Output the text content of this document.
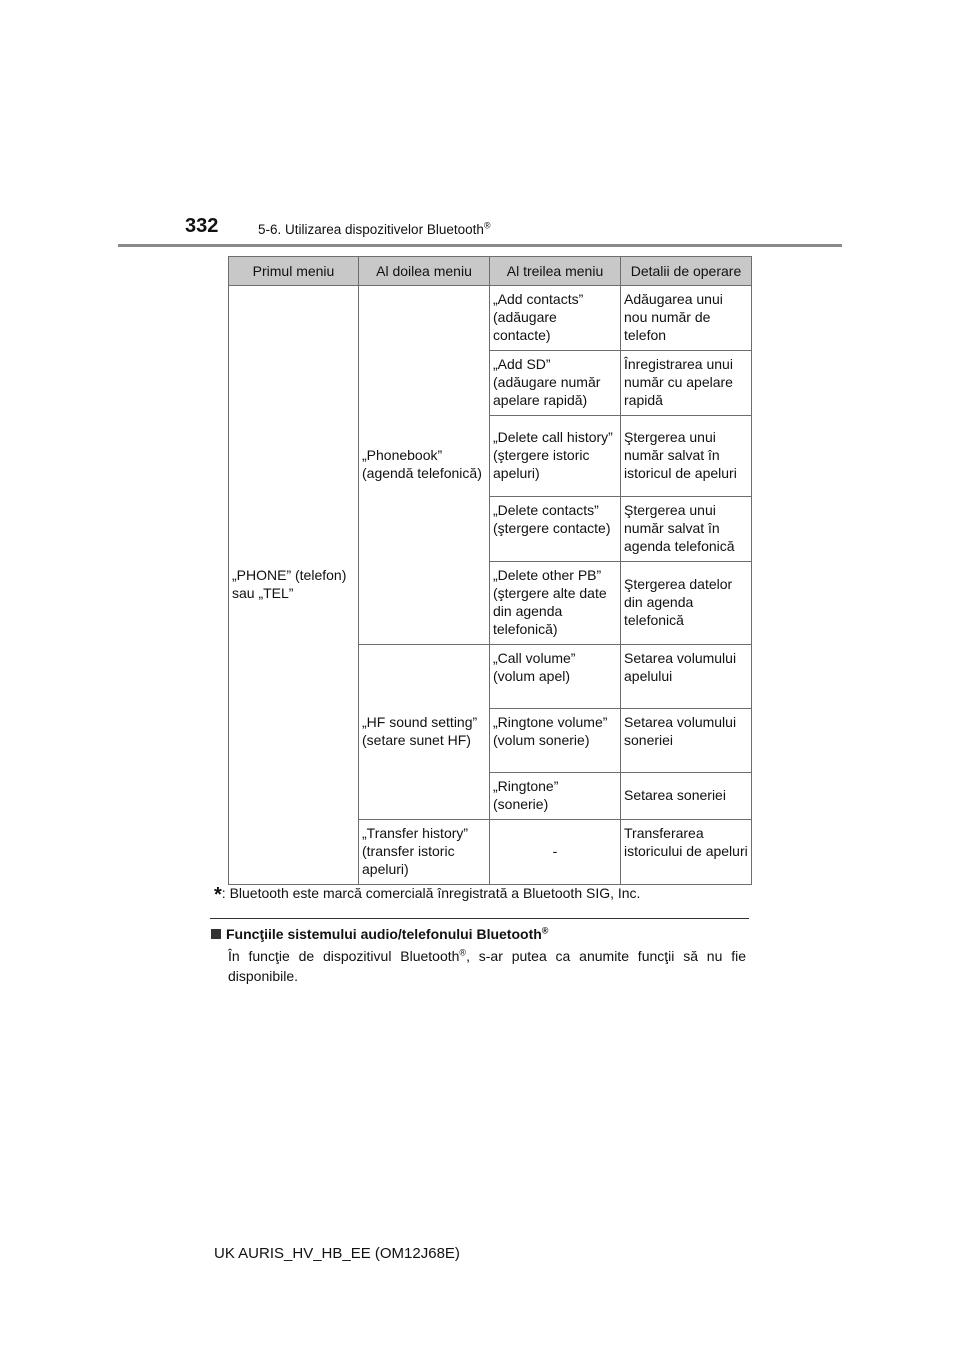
332	5-6. Utilizarea dispozitivelor Bluetooth®
Primul meniu	Al doilea meniu	Al treilea meniu	Detalii de operare
„PHONE” (telefon) sau „TEL”	„Phonebook” (agendă telefonică)	„Add contacts” (adăugare contacte)	Adăugarea unui nou număr de telefon
		„Add SD” (adăugare număr apelare rapidă)	Înregistrarea unui număr cu apelare rapidă
		„Delete call history” (ştergere istoric apeluri)	Ştergerea unui număr salvat în istoricul de apeluri
		„Delete contacts” (ştergere contacte)	Ştergerea unui număr salvat în agenda telefonică
		„Delete other PB” (ştergere alte date din agenda telefonică)	Ştergerea datelor din agenda telefonică
	„HF sound setting” (setare sunet HF)	„Call volume” (volum apel)	Setarea volumului apelului
		„Ringtone volume” (volum sonerie)	Setarea volumului soneriei
		„Ringtone” (sonerie)	Setarea soneriei
	„Transfer history” (transfer istoric apeluri)	-	Transferarea istoricului de apeluri
*: Bluetooth este marcă comercială înregistrată a Bluetooth SIG, Inc.
Funcţiile sistemului audio/telefonului Bluetooth®
În funcţie de dispozitivul Bluetooth®, s-ar putea ca anumite funcţii să nu fie disponibile.
UK AURIS_HV_HB_EE (OM12J68E)
